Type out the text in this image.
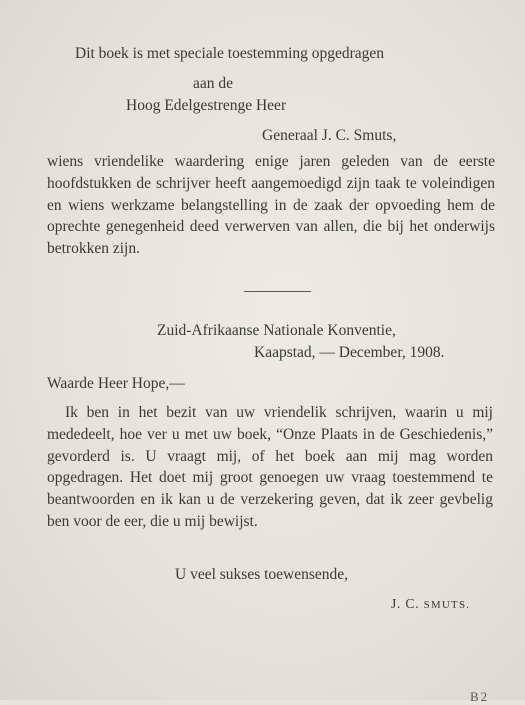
Dit boek is met speciale toestemming opgedragen
aan de
Hoog Edelgestrenge Heer
Generaal J. C. Smuts,
wiens vriendelike waardering enige jaren geleden van de eerste hoofdstukken de schrijver heeft aangemoedigd zijn taak te voleindigen en wiens werkzame belangstelling in de zaak der opvoeding hem de oprechte genegenheid deed verwerven van allen, die bij het onderwijs betrokken zijn.
Zuid-Afrikaanse Nationale Konventie,
Kaapstad, — December, 1908.
Waarde Heer Hope,—
Ik ben in het bezit van uw vriendelik schrijven, waarin u mij mededeelt, hoe ver u met uw boek, “Onze Plaats in de Geschiedenis,” gevorderd is. U vraagt mij, of het boek aan mij mag worden opgedragen. Het doet mij groot genoegen uw vraag toestemmend te beantwoorden en ik kan u de verzekering geven, dat ik zeer gevbelig ben voor de eer, die u mij bewijst.
U veel sukses toewensende,
J. C. SMUTS.
B2
